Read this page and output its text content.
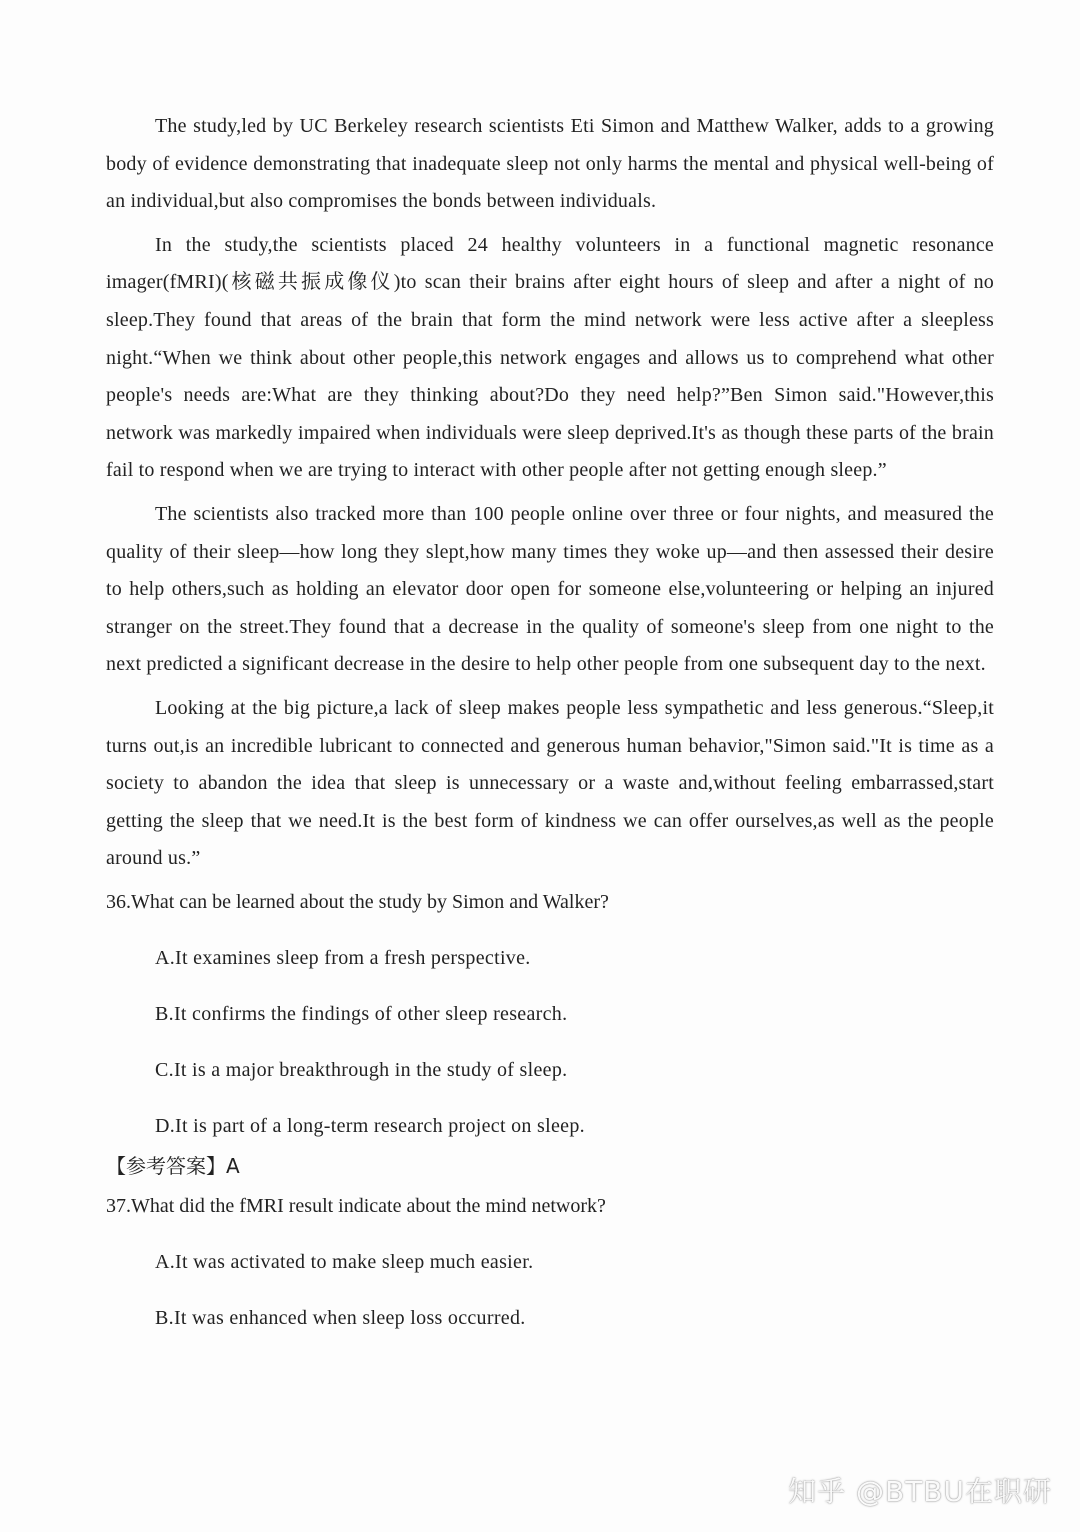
The study,led by UC Berkeley research scientists Eti Simon and Matthew Walker, adds to a growing body of evidence demonstrating that inadequate sleep not only harms the mental and physical well-being of an individual,but also compromises the bonds between individuals.

In the study,the scientists placed 24 healthy volunteers in a functional magnetic resonance imager(fMRI)(核磁共振成像仪)to scan their brains after eight hours of sleep and after a night of no sleep.They found that areas of the brain that form the mind network were less active after a sleepless night.“When we think about other people,this network engages and allows us to comprehend what other people's needs are:What are they thinking about?Do they need help?”Ben Simon said."However,this network was markedly impaired when individuals were sleep deprived.It's as though these parts of the brain fail to respond when we are trying to interact with other people after not getting enough sleep.”

The scientists also tracked more than 100 people online over three or four nights, and measured the quality of their sleep—how long they slept,how many times they woke up—and then assessed their desire to help others,such as holding an elevator door open for someone else,volunteering or helping an injured stranger on the street.They found that a decrease in the quality of someone's sleep from one night to the next predicted a significant decrease in the desire to help other people from one subsequent day to the next.

Looking at the big picture,a lack of sleep makes people less sympathetic and less generous.“Sleep,it turns out,is an incredible lubricant to connected and generous human behavior,"Simon said."It is time as a society to abandon the idea that sleep is unnecessary or a waste and,without feeling embarrassed,start getting the sleep that we need.It is the best form of kindness we can offer ourselves,as well as the people around us.”

36.What can be learned about the study by Simon and Walker?
A.It examines sleep from a fresh perspective.
B.It confirms the findings of other sleep research.
C.It is a major breakthrough in the study of sleep.
D.It is part of a long-term research project on sleep.
【参考答案】A
37.What did the fMRI result indicate about the mind network?
A.It was activated to make sleep much easier.
B.It was enhanced when sleep loss occurred.
知乎 @BTBU在职研
